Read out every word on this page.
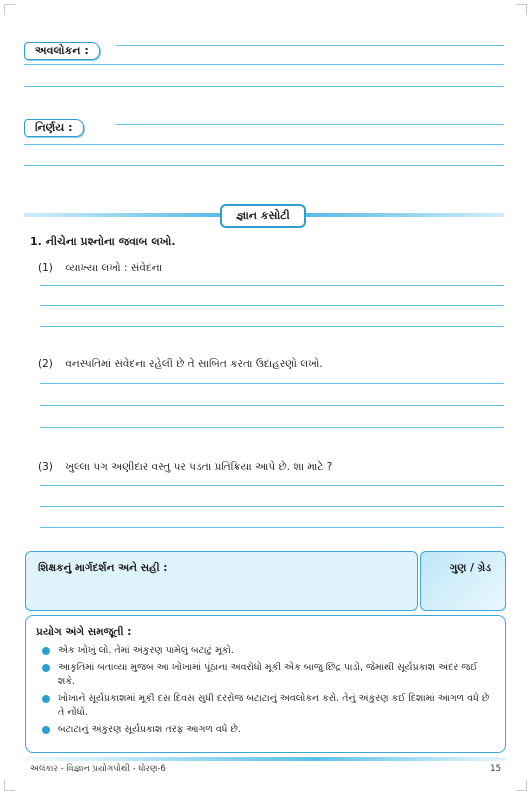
અવલોકન :
નિર્ણય :
જ્ઞાન કસોટી
1. નીચેના પ્રશ્નોના જવાબ લખો.
(1) વ્યાખ્યા લખો : સંવેદના
(2) વનસ્પતિમાં સંવેદના રહેલી છે તે સાબિત કરતા ઉદાહરણો લખો.
(3) ખુલ્લા પગ અણીદાર વસ્તુ પર પડતા પ્રતિક્રિયા આપે છે. શા માટે ?
શિક્ષકનું માર્ગદર્શન અને સહી :	ગુણ / ગ્રેડ
પ્રયોગ અંગે સમજૂતી :
એક ખોખું લો. તેમાં અંકુરણ પામેલું બટાટું મૂકો.
આકૃતિમાં બતાવ્યા મુજબ આ ખોખામાં પૂંઠાના અવરોધો મૂકી એક બાજુ છિદ્ર પાડો, જેમાંથી સૂર્યપ્રકાશ અંદર જઈ શકે.
ખોખાને સૂર્યપ્રકાશમાં મૂકી દસ દિવસ સુધી દરરોજ બટાટાનું અવલોકન કરો. તેનું અંકુરણ કઈ દિશામાં આગળ વધે છે તે નોંધો.
બટાટાનું અંકુરણ સૂર્યપ્રકાશ તરફ આગળ વધે છે.
અલંકાર - વિજ્ઞાન પ્રયોગપોથી - ધોરણ-6	15
